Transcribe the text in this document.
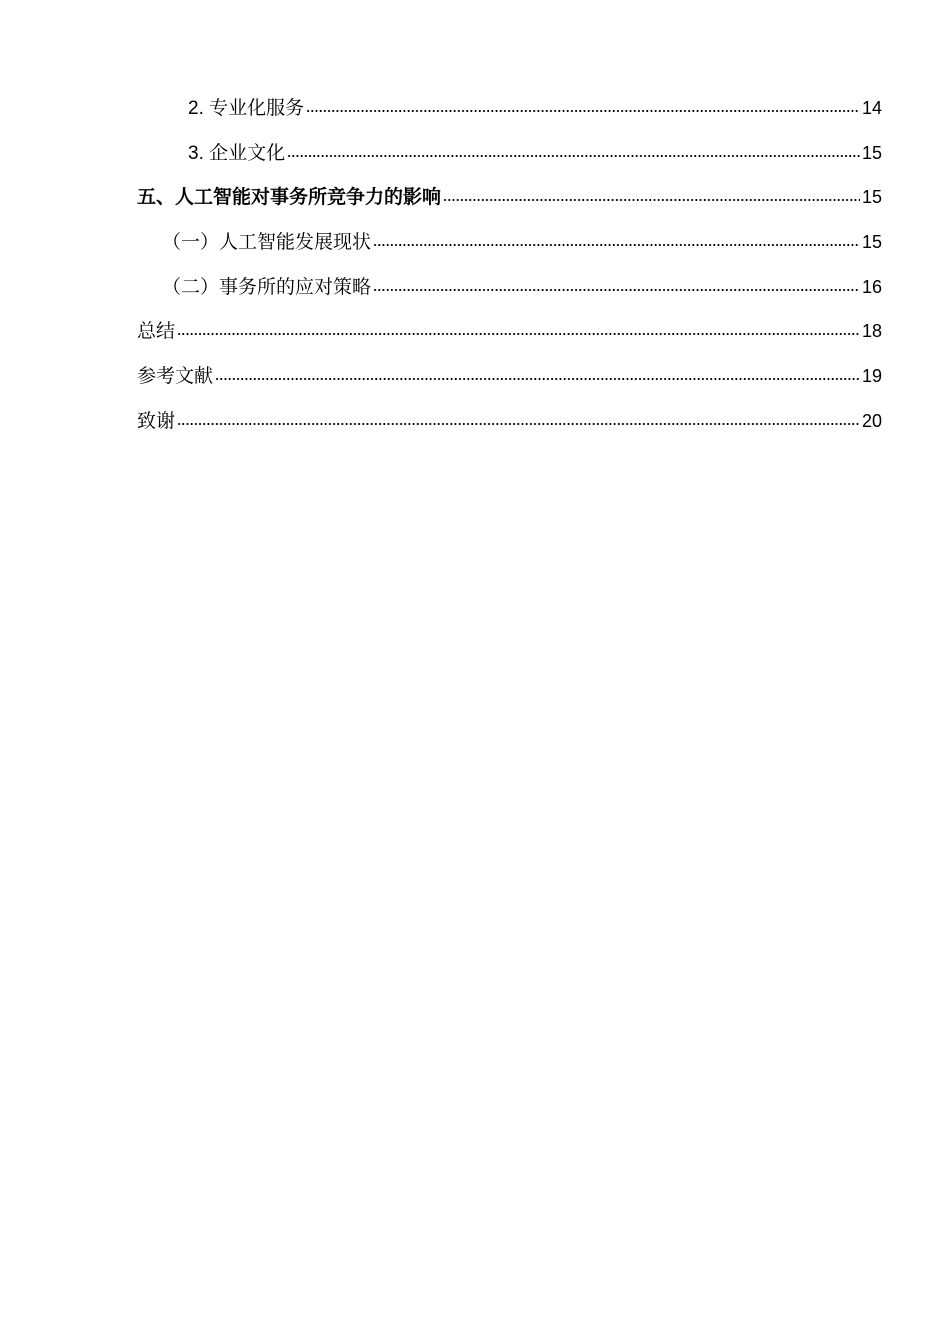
2. 专业化服务	14
3. 企业文化	15
五、人工智能对事务所竞争力的影响	15
（一）人工智能发展现状	15
（二）事务所的应对策略	16
总结	18
参考文献	19
致谢	20
